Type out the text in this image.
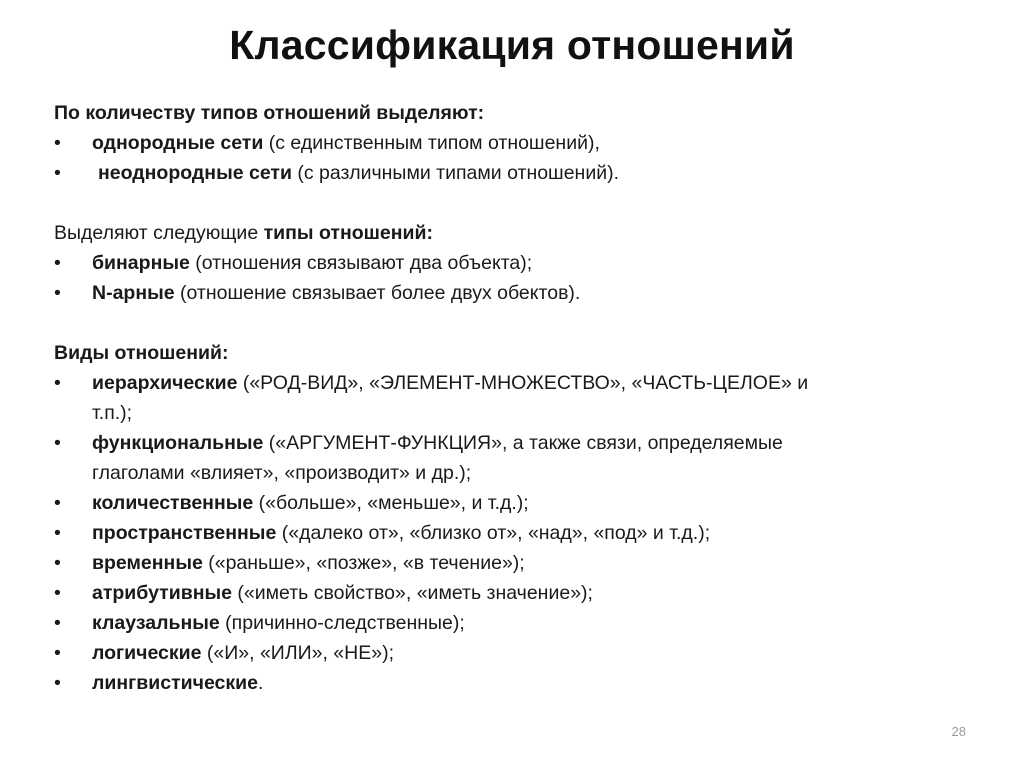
Классификация отношений

По количеству типов отношений выделяют:

•	однородные сети (с единственным типом отношений),

•	неоднородные сети (с различными типами отношений).

Выделяют следующие типы отношений:

•	бинарные (отношения связывают два объекта);

•	N-арные (отношение связывает более двух обектов).

Виды отношений:

•	иерархические («РОД-ВИД», «ЭЛЕМЕНТ-МНОЖЕСТВО», «ЧАСТЬ-ЦЕЛОЕ» и
т.п.);

•	функциональные («АРГУМЕНТ-ФУНКЦИЯ», а также связи, определяемые
глаголами «влияет», «производит» и др.);

•	количественные («больше», «меньше», и т.д.);

•	пространственные («далеко от», «близко от», «над», «под» и т.д.);

•	временные («раньше», «позже», «в течение»);

•	атрибутивные («иметь свойство», «иметь значение»);

•	клаузальные (причинно-следственные);

•	логические («И», «ИЛИ», «НЕ»);

•	лингвистические.

28
